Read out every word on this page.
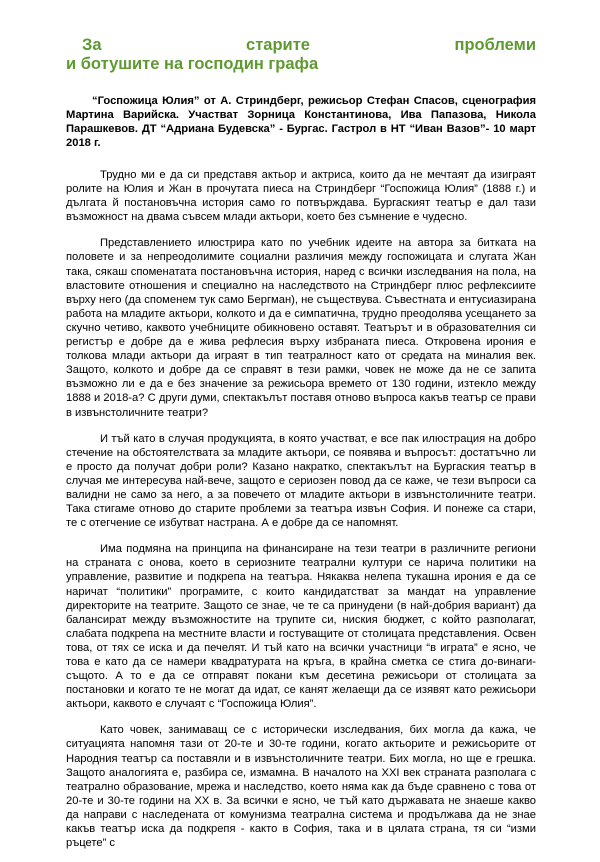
За	старите	проблеми
и ботушите на господин графа

“Госпожица Юлия” от А. Стриндберг, режисьор Стефан Спасов, сценография Мартина Варийска. Участват Зорница Константинова, Ива Папазова, Никола Парашкевов. ДТ “Адриана Будевска” - Бургас. Гастрол в НТ “Иван Вазов”- 10 март 2018 г.

Трудно ми е да си представя актьор и актриса, които да не мечтаят да изиграят ролите на Юлия и Жан в прочутата пиеса на Стриндберг “Госпожица Юлия” (1888 г.) и дългата й постановъчна история само го потвърждава. Бургаският театър е дал тази възможност на двама съвсем млади актьори, което без съмнение е чудесно.

Представлението илюстрира като по учебник идеите на автора за битката на половете и за непреодолимите социални различия между госпожицата и слугата Жан така, сякаш споменатата постановъчна история, наред с всички изследвания на пола, на властовите отношения и специално на наследството на Стриндберг плюс рефлексиите върху него (да споменем тук само Бергман), не съществува. Съвестната и ентусиазирана работа на младите актьори, колкото и да е симпатична, трудно преодолява усещането за скучно четиво, каквото учебниците обикновено оставят. Театърът и в образователния си регистър е добре да е жива рефлесия върху избраната пиеса. Откровена ирония е толкова млади актьори да играят в тип театралност като от средата на миналия век. Защото, колкото и добре да се справят в тези рамки, човек не може да не се запита възможно ли е да е без значение за режисьора времето от 130 години, изтекло между 1888 и 2018-а? С други думи, спектакълът поставя отново въпроса какъв театър се прави в извънстоличните театри?

И тъй като в случая продукцията, в която участват, е все пак илюстрация на добро стечение на обстоятелствата за младите актьори, се появява и въпросът: достатъчно ли е просто да получат добри роли? Казано накратко, спектакълът на Бургаския театър в случая ме интересува най-вече, защото е сериозен повод да се каже, че тези въпроси са валидни не само за него, а за повечето от младите актьори в извънстоличните театри. Така стигаме отново до старите проблеми за театъра извън София. И понеже са стари, те с отегчение се избутват настрана. А е добре да се напомнят.

Има подмяна на принципа на финансиране на тези театри в различните региони на страната с онова, което в сериозните театрални култури се нарича политики на управление, развитие и подкрепа на театъра. Някаква нелепа тукашна ирония е да се наричат “политики” програмите, с които кандидатстват за мандат на управление директорите на театрите. Защото се знае, че те са принудени (в най-добрия вариант) да балансират между възможностите на трупите си, ниския бюджет, с който разполагат, слабата подкрепа на местните власти и гостуващите от столицата представления. Освен това, от тях се иска и да печелят. И тъй като на всички участници “в играта” е ясно, че това е като да се намери квадратурата на кръга, в крайна сметка се стига до-винаги-същото. А то е да се отправят покани към десетина режисьори от столицата за постановки и когато те не могат да идат, се канят желаещи да се изявят като режисьори актьори, каквото е случаят с “Госпожица Юлия”.

Като човек, занимаващ се с исторически изследвания, бих могла да кажа, че ситуацията напомня тази от 20-те и 30-те години, когато актьорите и режисьорите от Народния театър са поставяли и в извънстоличните театри. Бих могла, но ще е грешка. Защото аналогията е, разбира се, измамна. В началото на XXI век страната разполага с театрално образование, мрежа и наследство, което няма как да бъде сравнено с това от 20-те и 30-те години на XX в. За всички е ясно, че тъй като държавата не знаеше какво да направи с наследената от комунизма театрална система и продължава да не знае какъв театър иска да подкрепя - както в София, така и в цялата страна, тя си “изми ръцете” с
